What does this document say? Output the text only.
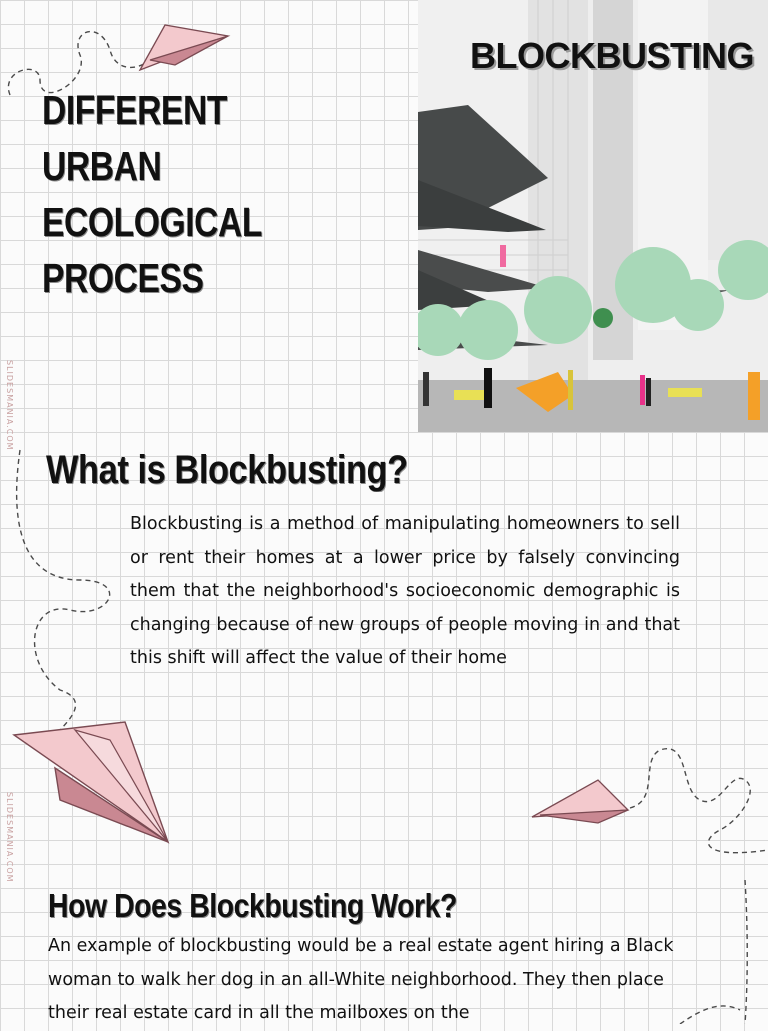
BLOCKBUSTING
DIFFERENT URBAN ECOLOGICAL PROCESS
SLIDESMANIA.COM
SLIDESMANIA.COM
What is Blockbusting?
Blockbusting is a method of manipulating homeowners to sell or rent their homes at a lower price by falsely convincing them that the neighborhood's socioeconomic demographic is changing because of new groups of people moving in and that this shift will affect the value of their home
How Does Blockbusting Work?
An example of blockbusting would be a real estate agent hiring a Black woman to walk her dog in an all-White neighborhood. They then place their real estate card in all the mailboxes on the
